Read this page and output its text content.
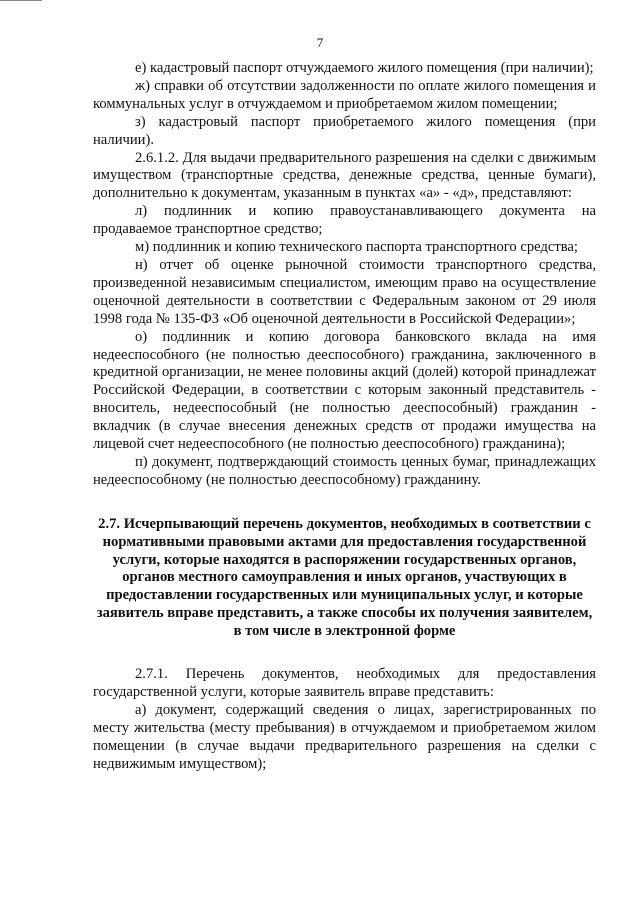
7

е) кадастровый паспорт отчуждаемого жилого помещения (при наличии);

ж) справки об отсутствии задолженности по оплате жилого помещения и коммунальных услуг в отчуждаемом и приобретаемом жилом помещении;

з) кадастровый паспорт приобретаемого жилого помещения (при наличии).

2.6.1.2. Для выдачи предварительного разрешения на сделки с движимым имуществом (транспортные средства, денежные средства, ценные бумаги), дополнительно к документам, указанным в пунктах «а» - «д», представляют:

л) подлинник и копию правоустанавливающего документа на продаваемое транспортное средство;

м) подлинник и копию технического паспорта транспортного средства;

н) отчет об оценке рыночной стоимости транспортного средства, произведенной независимым специалистом, имеющим право на осуществление оценочной деятельности в соответствии с Федеральным законом от 29 июля 1998 года № 135-ФЗ «Об оценочной деятельности в Российской Федерации»;

о) подлинник и копию договора банковского вклада на имя недееспособного (не полностью дееспособного) гражданина, заключенного в кредитной организации, не менее половины акций (долей) которой принадлежат Российской Федерации, в соответствии с которым законный представитель - вноситель, недееспособный (не полностью дееспособный) гражданин - вкладчик (в случае внесения денежных средств от продажи имущества на лицевой счет недееспособного (не полностью дееспособного) гражданина);

п) документ, подтверждающий стоимость ценных бумаг, принадлежащих недееспособному (не полностью дееспособному) гражданину.

2.7. Исчерпывающий перечень документов, необходимых в соответствии с нормативными правовыми актами для предоставления государственной услуги, которые находятся в распоряжении государственных органов, органов местного самоуправления и иных органов, участвующих в предоставлении государственных или муниципальных услуг, и которые заявитель вправе представить, а также способы их получения заявителем, в том числе в электронной форме

2.7.1. Перечень документов, необходимых для предоставления государственной услуги, которые заявитель вправе представить:

а) документ, содержащий сведения о лицах, зарегистрированных по месту жительства (месту пребывания) в отчуждаемом и приобретаемом жилом помещении (в случае выдачи предварительного разрешения на сделки с недвижимым имуществом);
